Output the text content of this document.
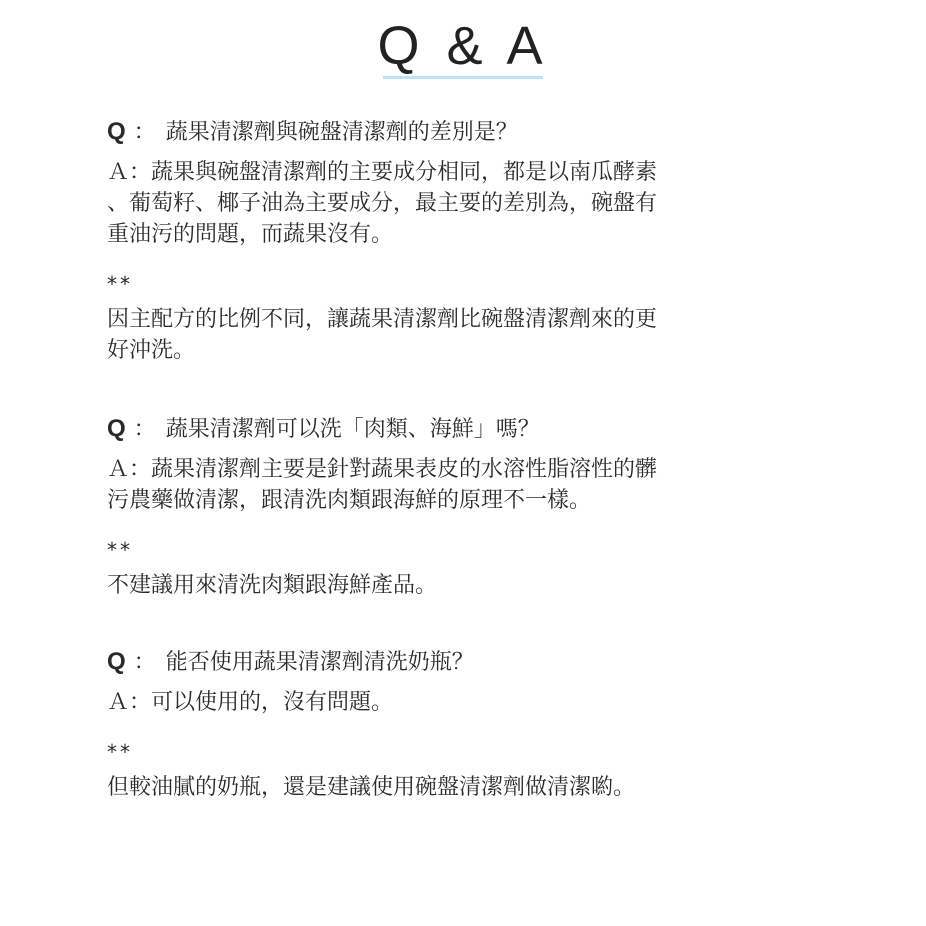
Q & A
Q ： 蔬果清潔劑與碗盤清潔劑的差別是？
Ａ：蔬果與碗盤清潔劑的主要成分相同，都是以南瓜酵素
、葡萄籽、椰子油為主要成分，最主要的差別為，碗盤有
重油污的問題，而蔬果沒有。
**
因主配方的比例不同，讓蔬果清潔劑比碗盤清潔劑來的更
好沖洗。
Q ： 蔬果清潔劑可以洗「肉類、海鮮」嗎？
Ａ：蔬果清潔劑主要是針對蔬果表皮的水溶性脂溶性的髒
污農藥做清潔，跟清洗肉類跟海鮮的原理不一樣。
**
不建議用來清洗肉類跟海鮮產品。
Q ： 能否使用蔬果清潔劑清洗奶瓶？
Ａ：可以使用的，沒有問題。
**
但較油膩的奶瓶，還是建議使用碗盤清潔劑做清潔喲。
